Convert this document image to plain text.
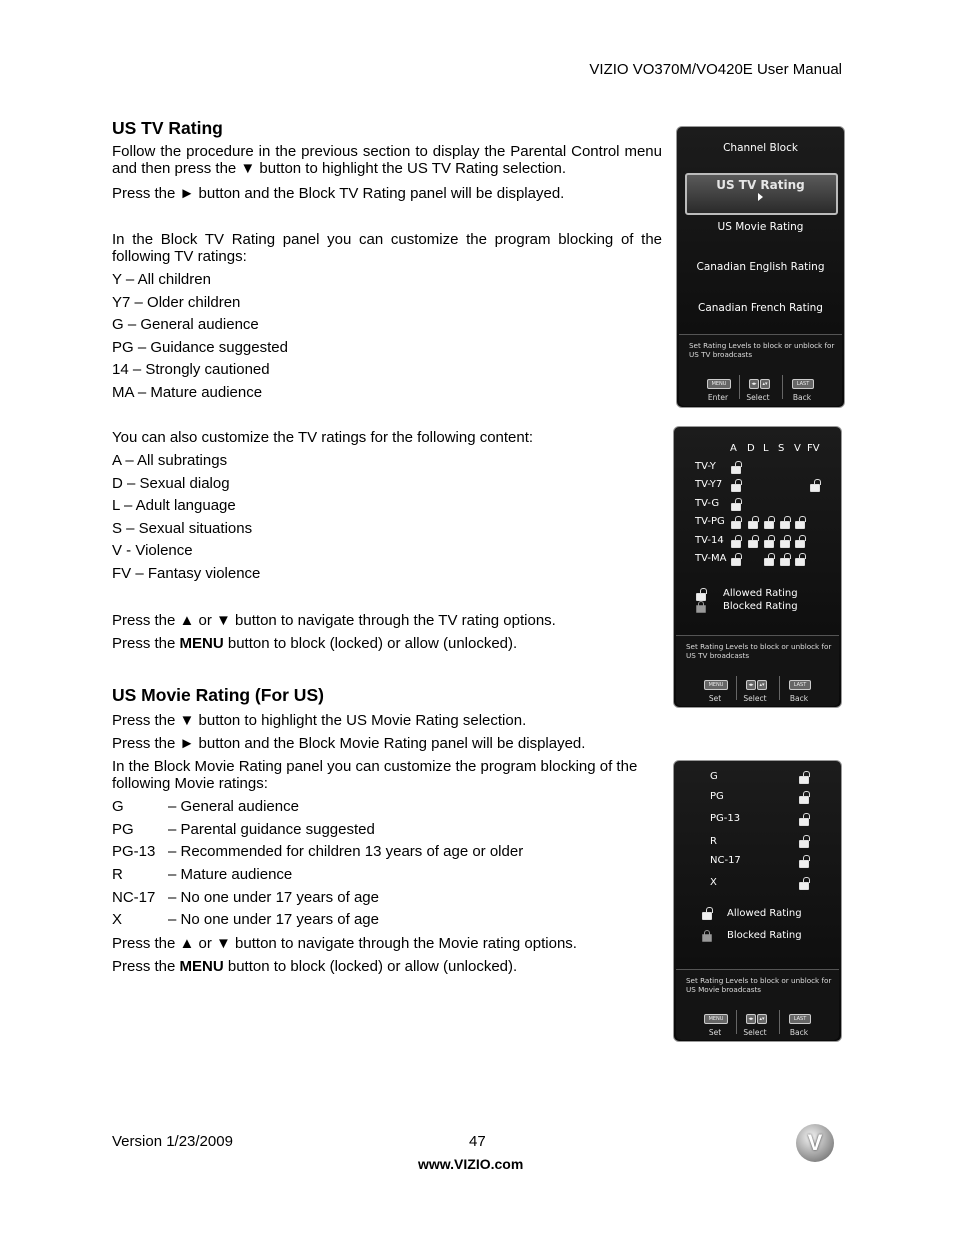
VIZIO VO370M/VO420E User Manual
US TV Rating
Follow the procedure in the previous section to display the Parental Control menu and then press the ▼ button to highlight the US TV Rating selection.
Press the ► button and the Block TV Rating panel will be displayed.
In the Block TV Rating panel you can customize the program blocking of the following TV ratings:
Y – All children
Y7 – Older children
G – General audience
PG – Guidance suggested
14 – Strongly cautioned
MA – Mature audience
You can also customize the TV ratings for the following content:
A – All subratings
D – Sexual dialog
L – Adult language
S – Sexual situations
V - Violence
FV – Fantasy violence
Press the ▲ or ▼ button to navigate through the TV rating options.
Press the MENU button to block (locked) or allow (unlocked).
US Movie Rating (For US)
Press the ▼ button to highlight the US Movie Rating selection.
Press the ► button and the Block Movie Rating panel will be displayed.
In the Block Movie Rating panel you can customize the program blocking of the following Movie ratings:
G	– General audience
PG – Parental guidance suggested
PG-13 – Recommended for children 13 years of age or older
R	– Mature audience
NC-17 – No one under 17 years of age
X	– No one under 17 years of age
Press the ▲ or ▼ button to navigate through the Movie rating options.
Press the MENU button to block (locked) or allow (unlocked).
Channel Block
US TV Rating
US Movie Rating
Canadian English Rating
Canadian French Rating
Set Rating Levels to block or unblock for US TV broadcasts
MENU
Enter
◂▸	▴▾
Select
LAST
Back
A D L S V FV
TV-Y
TV-Y7
TV-G
TV-PG
TV-14
TV-MA
Allowed Rating
Blocked Rating
Set Rating Levels to block or unblock for US TV broadcasts
MENU
Set
◂▸	▴▾
Select
LAST
Back
G
PG
PG-13
R
NC-17
X
Allowed Rating
Blocked Rating
Set Rating Levels to block or unblock for US Movie broadcasts
MENU
Set
◂▸	▴▾
Select
LAST
Back
Version 1/23/2009	47
www.VIZIO.com
V
